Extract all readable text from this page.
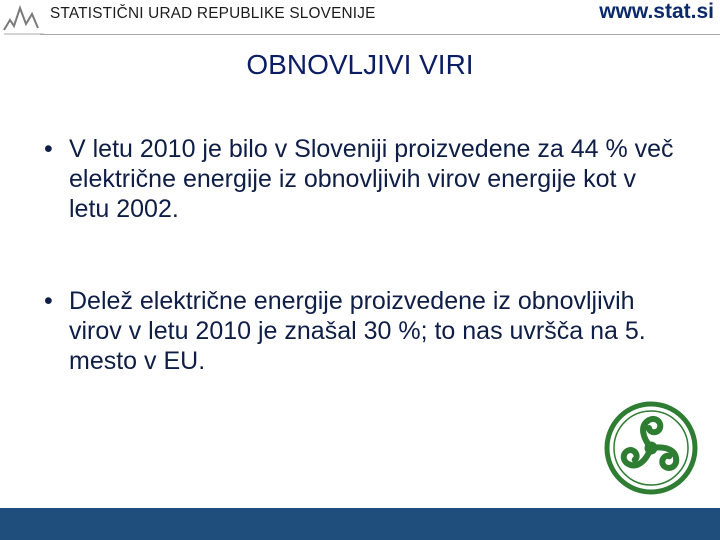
STATISTIČNI URAD REPUBLIKE SLOVENIJE	www.stat.si
OBNOVLJIVI VIRI
• V letu 2010 je bilo v Sloveniji proizvedene za 44 % več električne energije iz obnovljivih virov energije kot v letu 2002.
• Delež električne energije proizvedene iz obnovljivih virov v letu 2010 je znašal 30 %; to nas uvršča na 5. mesto v EU.
